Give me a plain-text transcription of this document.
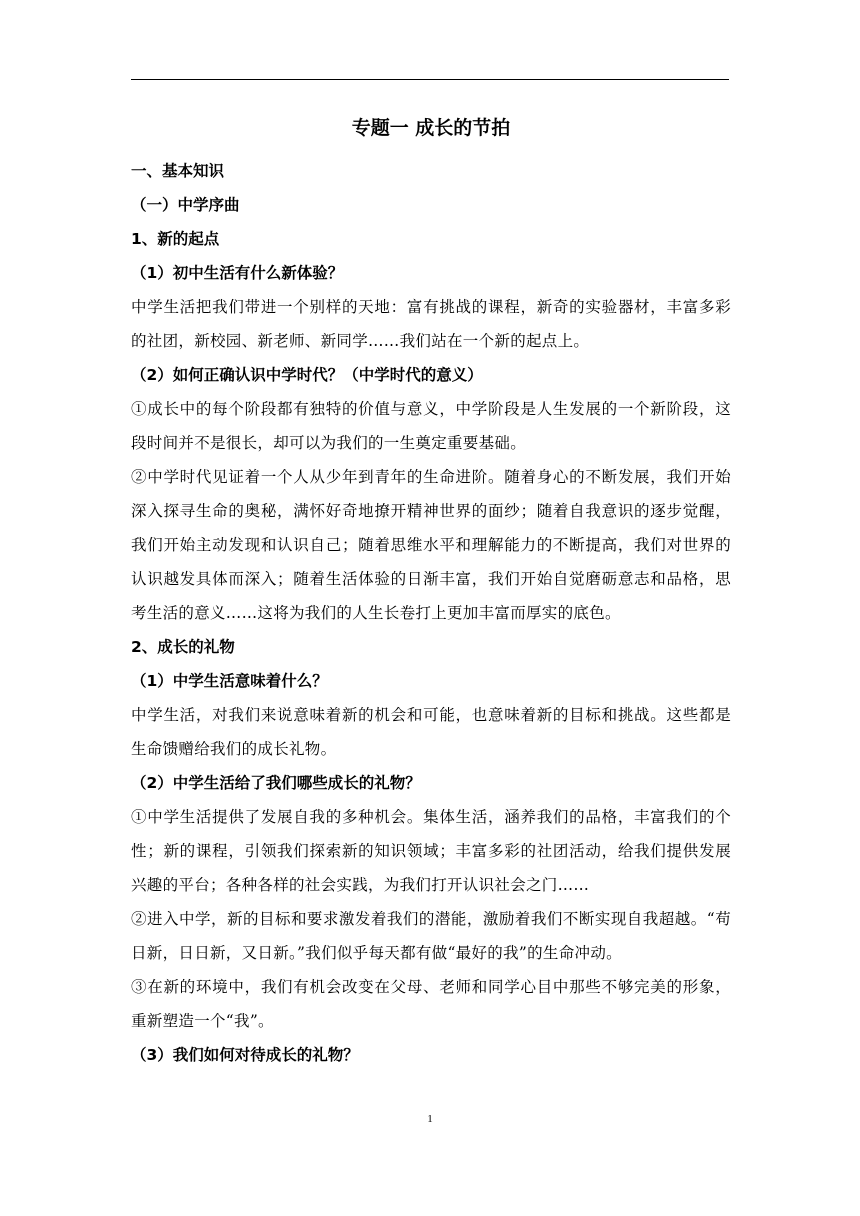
专题一 成长的节拍
一、基本知识
（一）中学序曲
1、新的起点
（1）初中生活有什么新体验？
中学生活把我们带进一个别样的天地：富有挑战的课程，新奇的实验器材，丰富多彩的社团，新校园、新老师、新同学……我们站在一个新的起点上。
（2）如何正确认识中学时代？（中学时代的意义）
①成长中的每个阶段都有独特的价值与意义，中学阶段是人生发展的一个新阶段，这段时间并不是很长，却可以为我们的一生奠定重要基础。
②中学时代见证着一个人从少年到青年的生命进阶。随着身心的不断发展，我们开始深入探寻生命的奥秘，满怀好奇地撩开精神世界的面纱；随着自我意识的逐步觉醒，我们开始主动发现和认识自己；随着思维水平和理解能力的不断提高，我们对世界的认识越发具体而深入；随着生活体验的日渐丰富，我们开始自觉磨砺意志和品格，思考生活的意义……这将为我们的人生长卷打上更加丰富而厚实的底色。
2、成长的礼物
（1）中学生活意味着什么？
中学生活，对我们来说意味着新的机会和可能，也意味着新的目标和挑战。这些都是生命馈赠给我们的成长礼物。
（2）中学生活给了我们哪些成长的礼物？
①中学生活提供了发展自我的多种机会。集体生活，涵养我们的品格，丰富我们的个性；新的课程，引领我们探索新的知识领域；丰富多彩的社团活动，给我们提供发展兴趣的平台；各种各样的社会实践，为我们打开认识社会之门……
②进入中学，新的目标和要求激发着我们的潜能，激励着我们不断实现自我超越。“苟日新，日日新，又日新。”我们似乎每天都有做“最好的我”的生命冲动。
③在新的环境中，我们有机会改变在父母、老师和同学心目中那些不够完美的形象，重新塑造一个“我”。
（3）我们如何对待成长的礼物？
1
